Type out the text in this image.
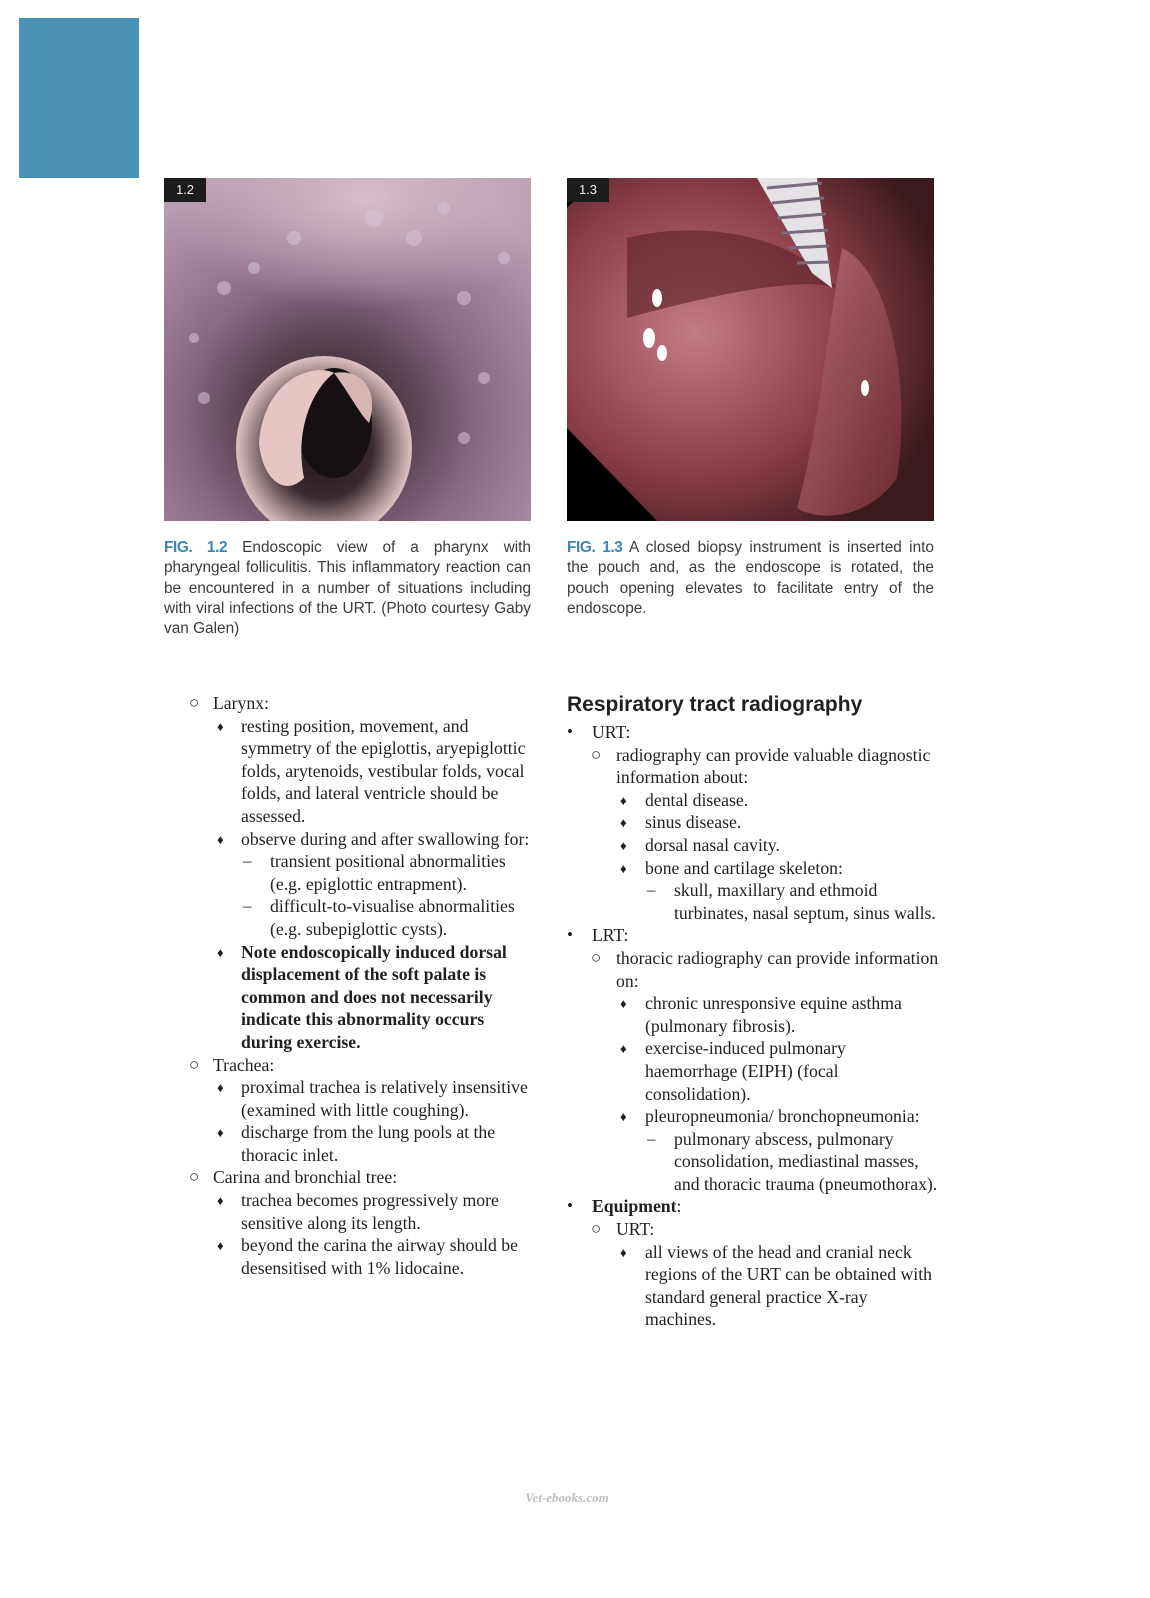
1.2	1.3
FIG. 1.2 Endoscopic view of a pharynx with pharyngeal folliculitis. This inflammatory reaction can be encountered in a number of situations including with viral infections of the URT. (Photo courtesy Gaby van Galen)
FIG. 1.3 A closed biopsy instrument is inserted into the pouch and, as the endoscope is rotated, the pouch opening elevates to facilitate entry of the endoscope.
○ Larynx:
♦ resting position, movement, and symmetry of the epiglottis, aryepiglottic folds, arytenoids, vestibular folds, vocal folds, and lateral ventricle should be assessed.
♦ observe during and after swallowing for:
– transient positional abnormalities (e.g. epiglottic entrapment).
– difficult-to-visualise abnormalities (e.g. subepiglottic cysts).
♦ Note endoscopically induced dorsal displacement of the soft palate is common and does not necessarily indicate this abnormality occurs during exercise.
○ Trachea:
♦ proximal trachea is relatively insensitive (examined with little coughing).
♦ discharge from the lung pools at the thoracic inlet.
○ Carina and bronchial tree:
♦ trachea becomes progressively more sensitive along its length.
♦ beyond the carina the airway should be desensitised with 1% lidocaine.
Respiratory tract radiography
• URT:
○ radiography can provide valuable diagnostic information about:
♦ dental disease.
♦ sinus disease.
♦ dorsal nasal cavity.
♦ bone and cartilage skeleton:
– skull, maxillary and ethmoid turbinates, nasal septum, sinus walls.
• LRT:
○ thoracic radiography can provide information on:
♦ chronic unresponsive equine asthma (pulmonary fibrosis).
♦ exercise-induced pulmonary haemorrhage (EIPH) (focal consolidation).
♦ pleuropneumonia/ bronchopneumonia:
– pulmonary abscess, pulmonary consolidation, mediastinal masses, and thoracic trauma (pneumothorax).
• Equipment:
○ URT:
♦ all views of the head and cranial neck regions of the URT can be obtained with standard general practice X-ray machines.
Vet-ebooks.com
